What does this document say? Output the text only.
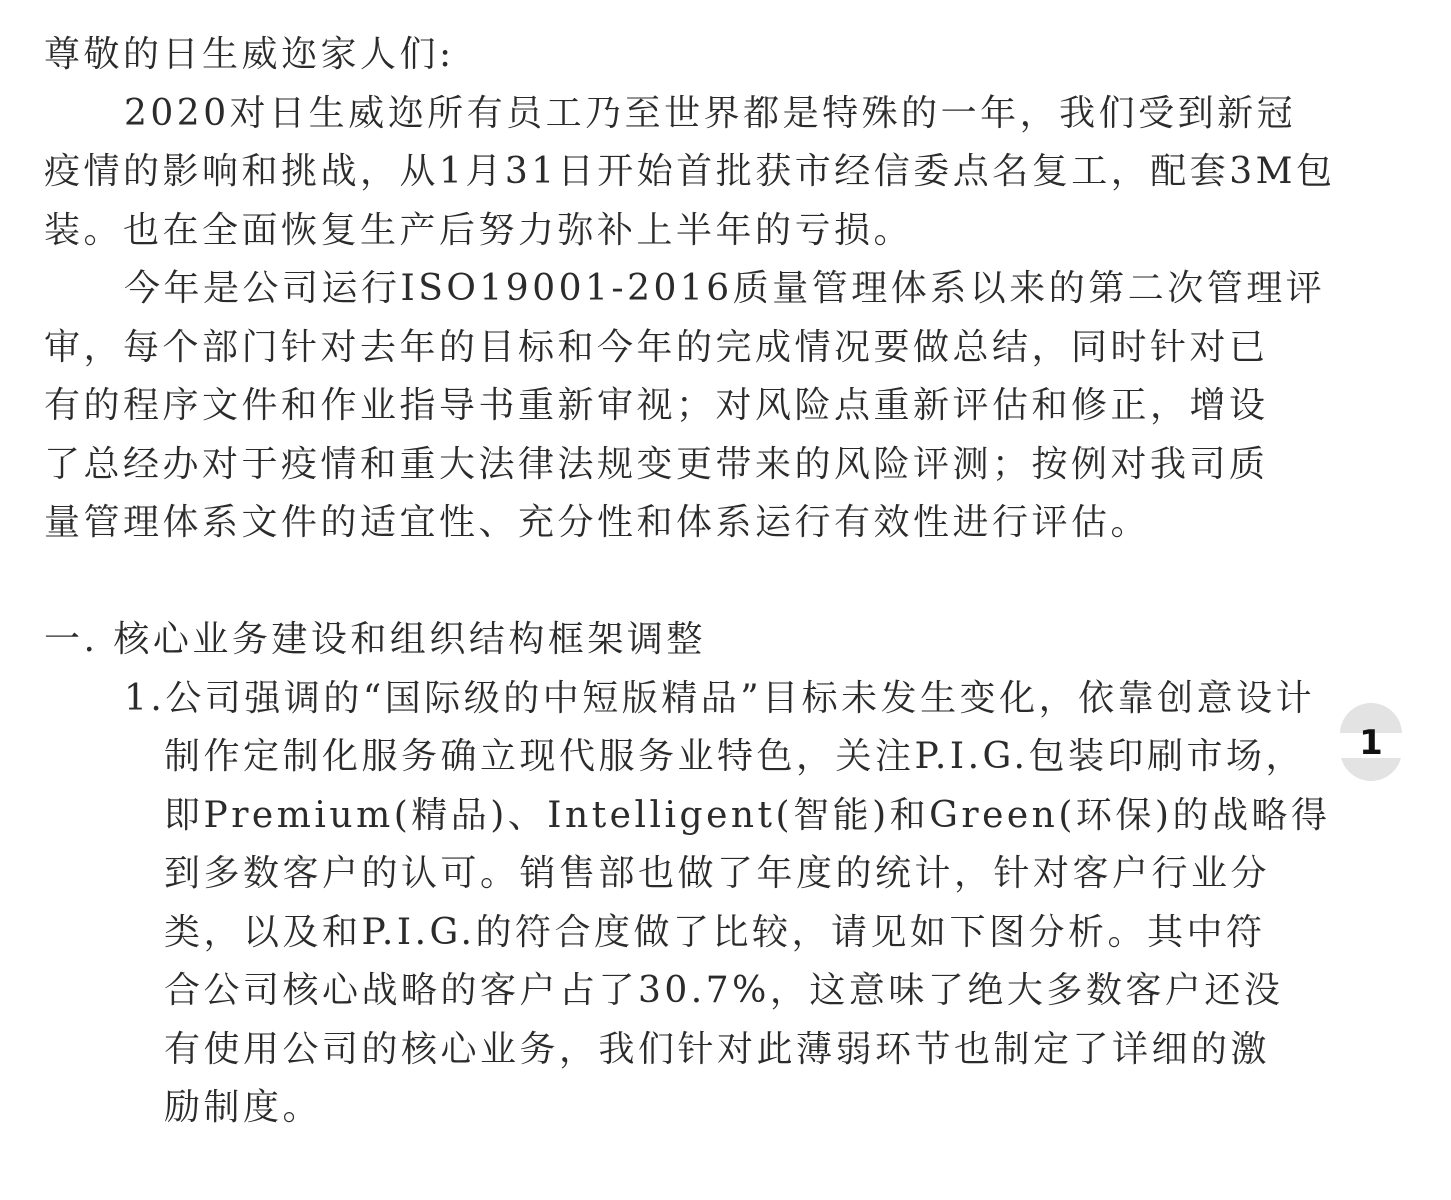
尊敬的日生威迩家人们:
2020对日生威迩所有员工乃至世界都是特殊的一年，我们受到新冠
疫情的影响和挑战，从1月31日开始首批获市经信委点名复工，配套3M包
装。也在全面恢复生产后努力弥补上半年的亏损。
今年是公司运行ISO19001-2016质量管理体系以来的第二次管理评
审，每个部门针对去年的目标和今年的完成情况要做总结，同时针对已
有的程序文件和作业指导书重新审视；对风险点重新评估和修正，增设
了总经办对于疫情和重大法律法规变更带来的风险评测；按例对我司质
量管理体系文件的适宜性、充分性和体系运行有效性进行评估。
一. 核心业务建设和组织结构框架调整
1.公司强调的“国际级的中短版精品”目标未发生变化，依靠创意设计
制作定制化服务确立现代服务业特色，关注P.I.G.包装印刷市场，
即Premium(精品)、Intelligent(智能)和Green(环保)的战略得
到多数客户的认可。销售部也做了年度的统计，针对客户行业分
类，以及和P.I.G.的符合度做了比较，请见如下图分析。其中符
合公司核心战略的客户占了30.7%，这意味了绝大多数客户还没
有使用公司的核心业务，我们针对此薄弱环节也制定了详细的激
励制度。
1
